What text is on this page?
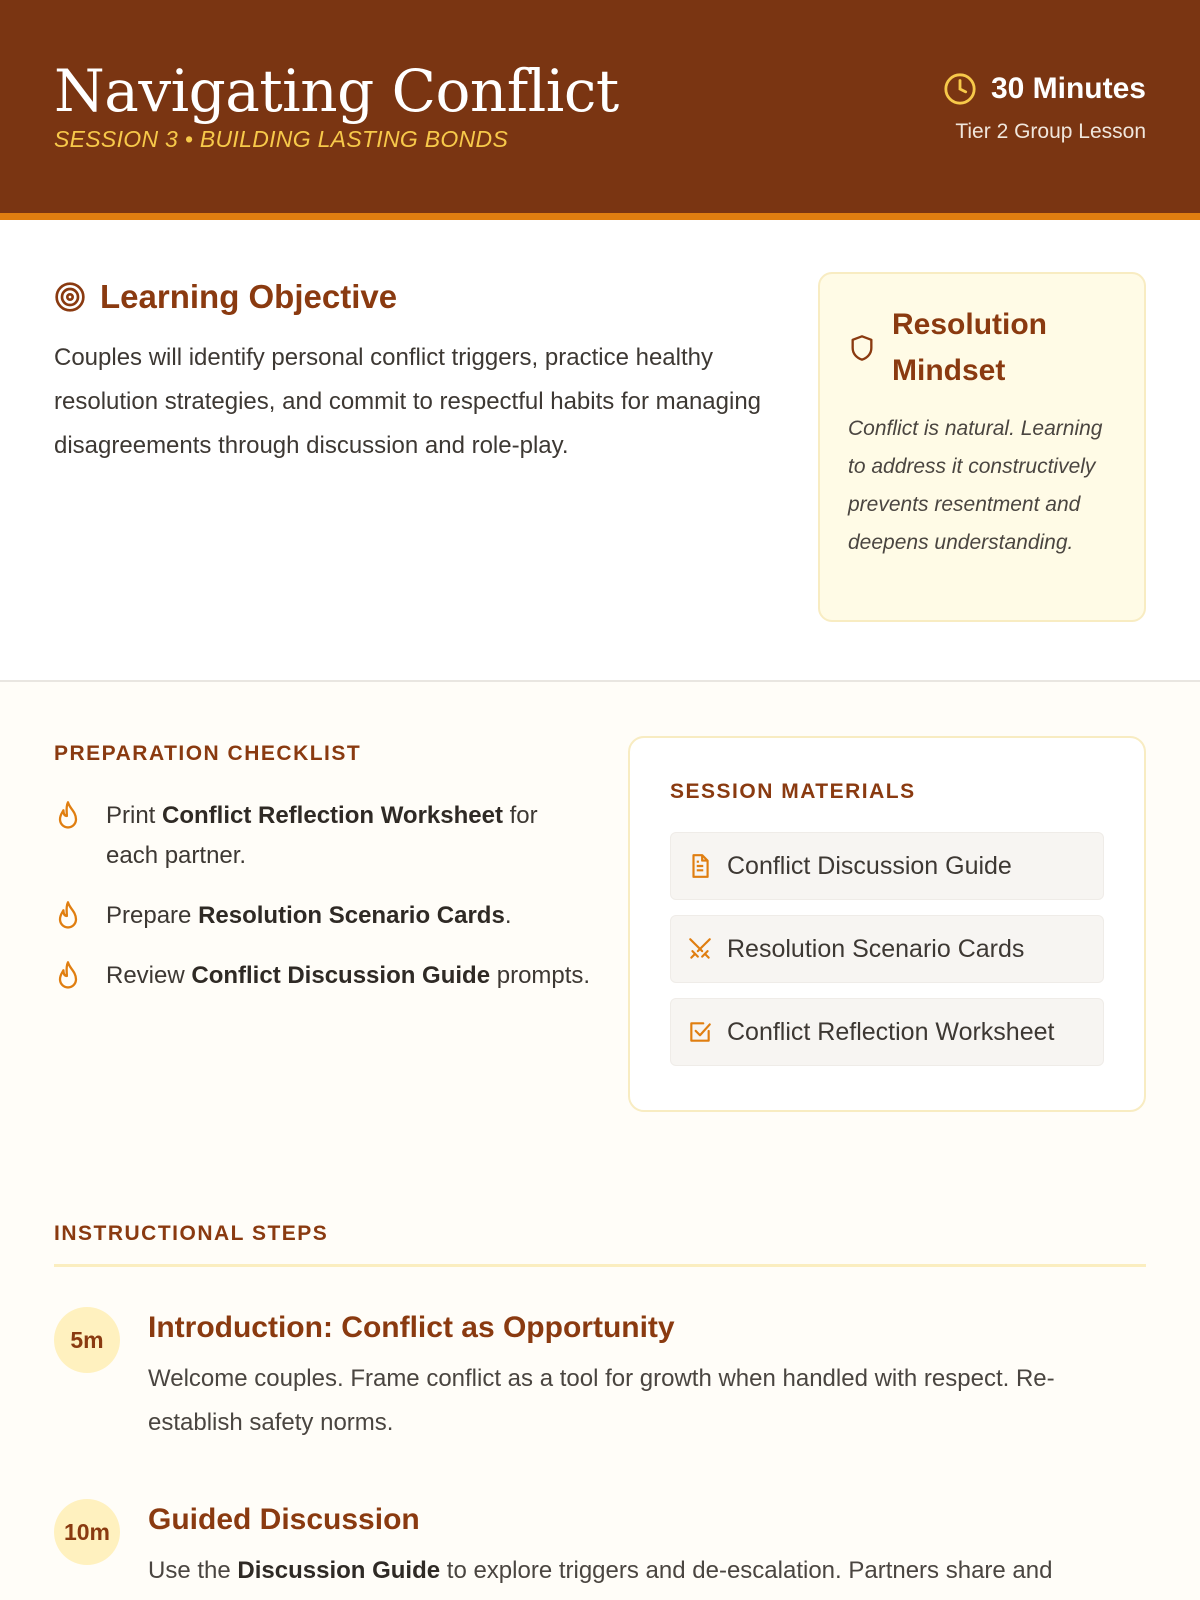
Navigating Conflict
SESSION 3 • BUILDING LASTING BONDS
30 Minutes
Tier 2 Group Lesson
Learning Objective

Couples will identify personal conflict triggers, practice healthy resolution strategies, and commit to respectful habits for managing disagreements through discussion and role-play.

Resolution Mindset

Conflict is natural. Learning to address it constructively prevents resentment and deepens understanding.

PREPARATION CHECKLIST
Print Conflict Reflection Worksheet for each partner.
Prepare Resolution Scenario Cards.
Review Conflict Discussion Guide prompts.
SESSION MATERIALS
Conflict Discussion Guide
Resolution Scenario Cards
Conflict Reflection Worksheet
INSTRUCTIONAL STEPS
5m	Introduction: Conflict as Opportunity

Welcome couples. Frame conflict as a tool for growth when handled with respect. Re-establish safety norms.

10m	Guided Discussion

Use the Discussion Guide to explore triggers and de-escalation. Partners share and
